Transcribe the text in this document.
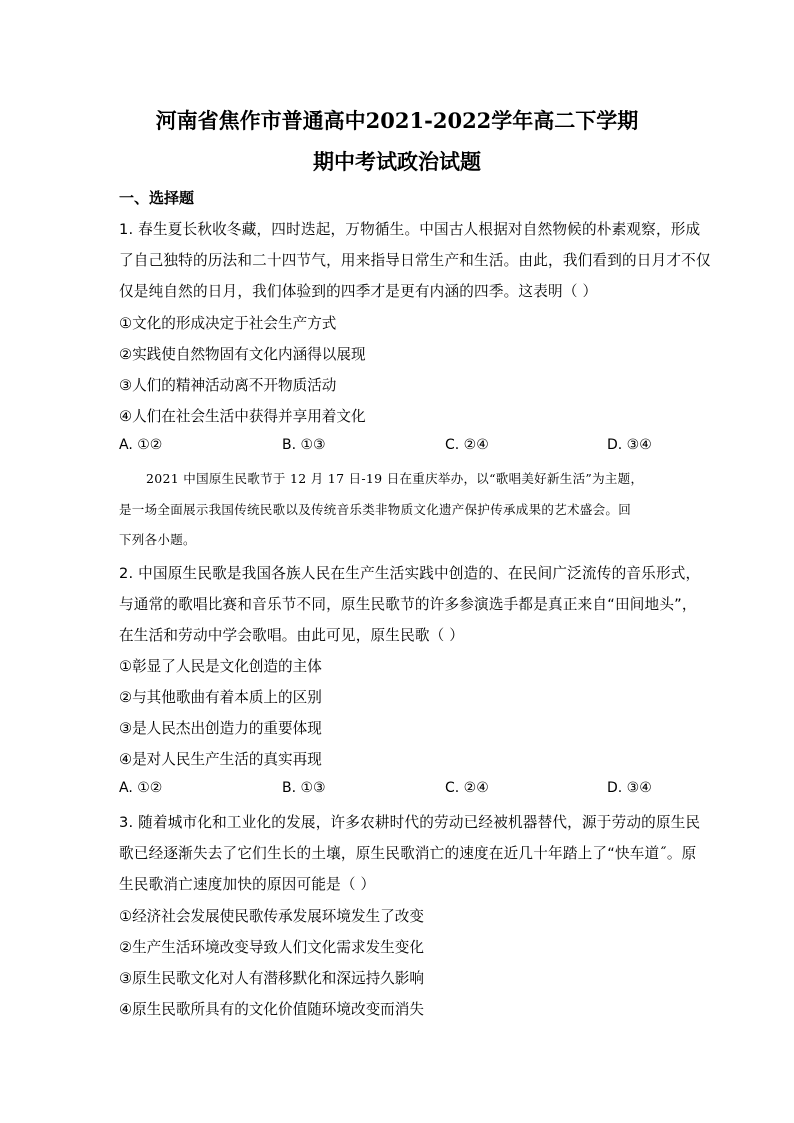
河南省焦作市普通高中2021-2022学年高二下学期
期中考试政治试题
一、选择题
1. 春生夏长秋收冬藏，四时迭起，万物循生。中国古人根据对自然物候的朴素观察，形成
了自己独特的历法和二十四节气，用来指导日常生产和生活。由此，我们看到的日月才不仅
仅是纯自然的日月，我们体验到的四季才是更有内涵的四季。这表明（ ）
①文化的形成决定于社会生产方式
②实践使自然物固有文化内涵得以展现
③人们的精神活动离不开物质活动
④人们在社会生活中获得并享用着文化
A. ①②	B. ①③	C. ②④	D. ③④
2021 中国原生民歌节于 12 月 17 日-19 日在重庆举办，以“歌唱美好新生活”为主题，
是一场全面展示我国传统民歌以及传统音乐类非物质文化遗产保护传承成果的艺术盛会。回
下列各小题。
2. 中国原生民歌是我国各族人民在生产生活实践中创造的、在民间广泛流传的音乐形式，
与通常的歌唱比赛和音乐节不同，原生民歌节的许多参演选手都是真正来自“田间地头”，
在生活和劳动中学会歌唱。由此可见，原生民歌（ ）
①彰显了人民是文化创造的主体
②与其他歌曲有着本质上的区别
③是人民杰出创造力的重要体现
④是对人民生产生活的真实再现
A. ①②	B. ①③	C. ②④	D. ③④
3. 随着城市化和工业化的发展，许多农耕时代的劳动已经被机器替代，源于劳动的原生民
歌已经逐渐失去了它们生长的土壤，原生民歌消亡的速度在近几十年踏上了“快车道˝。原
生民歌消亡速度加快的原因可能是（ ）
①经济社会发展使民歌传承发展环境发生了改变
②生产生活环境改变导致人们文化需求发生变化
③原生民歌文化对人有潜移默化和深远持久影响
④原生民歌所具有的文化价值随环境改变而消失
